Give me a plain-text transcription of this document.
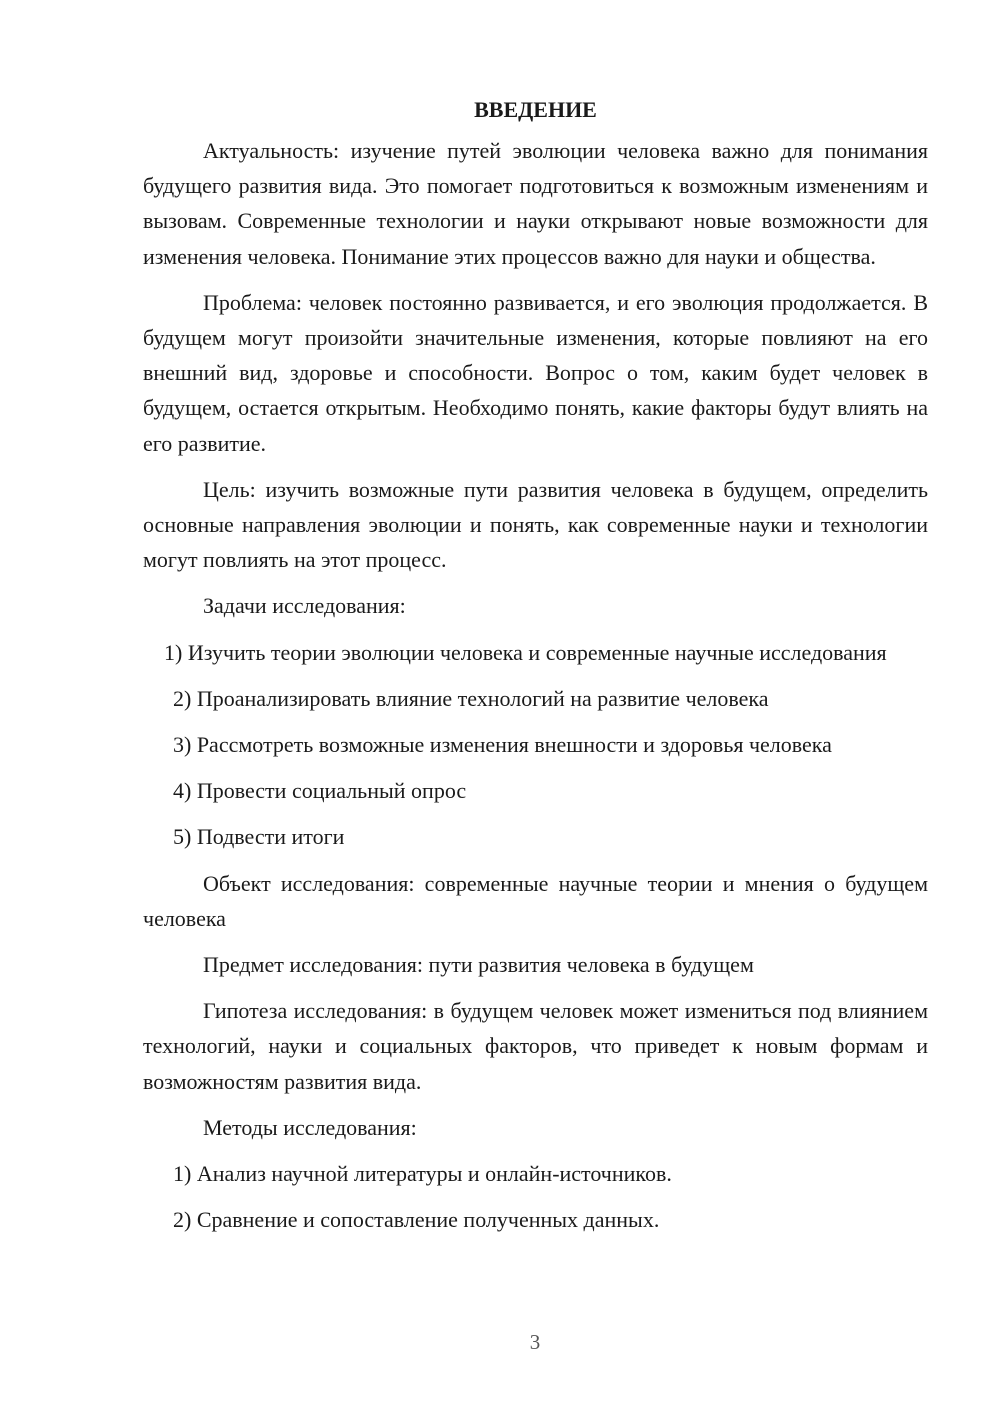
ВВЕДЕНИЕ
Актуальность: изучение путей эволюции человека важно для понимания будущего развития вида. Это помогает подготовиться к возможным изменениям и вызовам. Современные технологии и науки открывают новые возможности для изменения человека. Понимание этих процессов важно для науки и общества.
Проблема: человек постоянно развивается, и его эволюция продолжается. В будущем могут произойти значительные изменения, которые повлияют на его внешний вид, здоровье и способности. Вопрос о том, каким будет человек в будущем, остается открытым. Необходимо понять, какие факторы будут влиять на его развитие.
Цель: изучить возможные пути развития человека в будущем, определить основные направления эволюции и понять, как современные науки и технологии могут повлиять на этот процесс.
Задачи исследования:
1) Изучить теории эволюции человека и современные научные исследования
2) Проанализировать влияние технологий на развитие человека
3) Рассмотреть возможные изменения внешности и здоровья человека
4) Провести социальный опрос
5) Подвести итоги
Объект исследования: современные научные теории и мнения о будущем человека
Предмет исследования: пути развития человека в будущем
Гипотеза исследования: в будущем человек может измениться под влиянием технологий, науки и социальных факторов, что приведет к новым формам и возможностям развития вида.
Методы исследования:
1) Анализ научной литературы и онлайн-источников.
2) Сравнение и сопоставление полученных данных.
3
